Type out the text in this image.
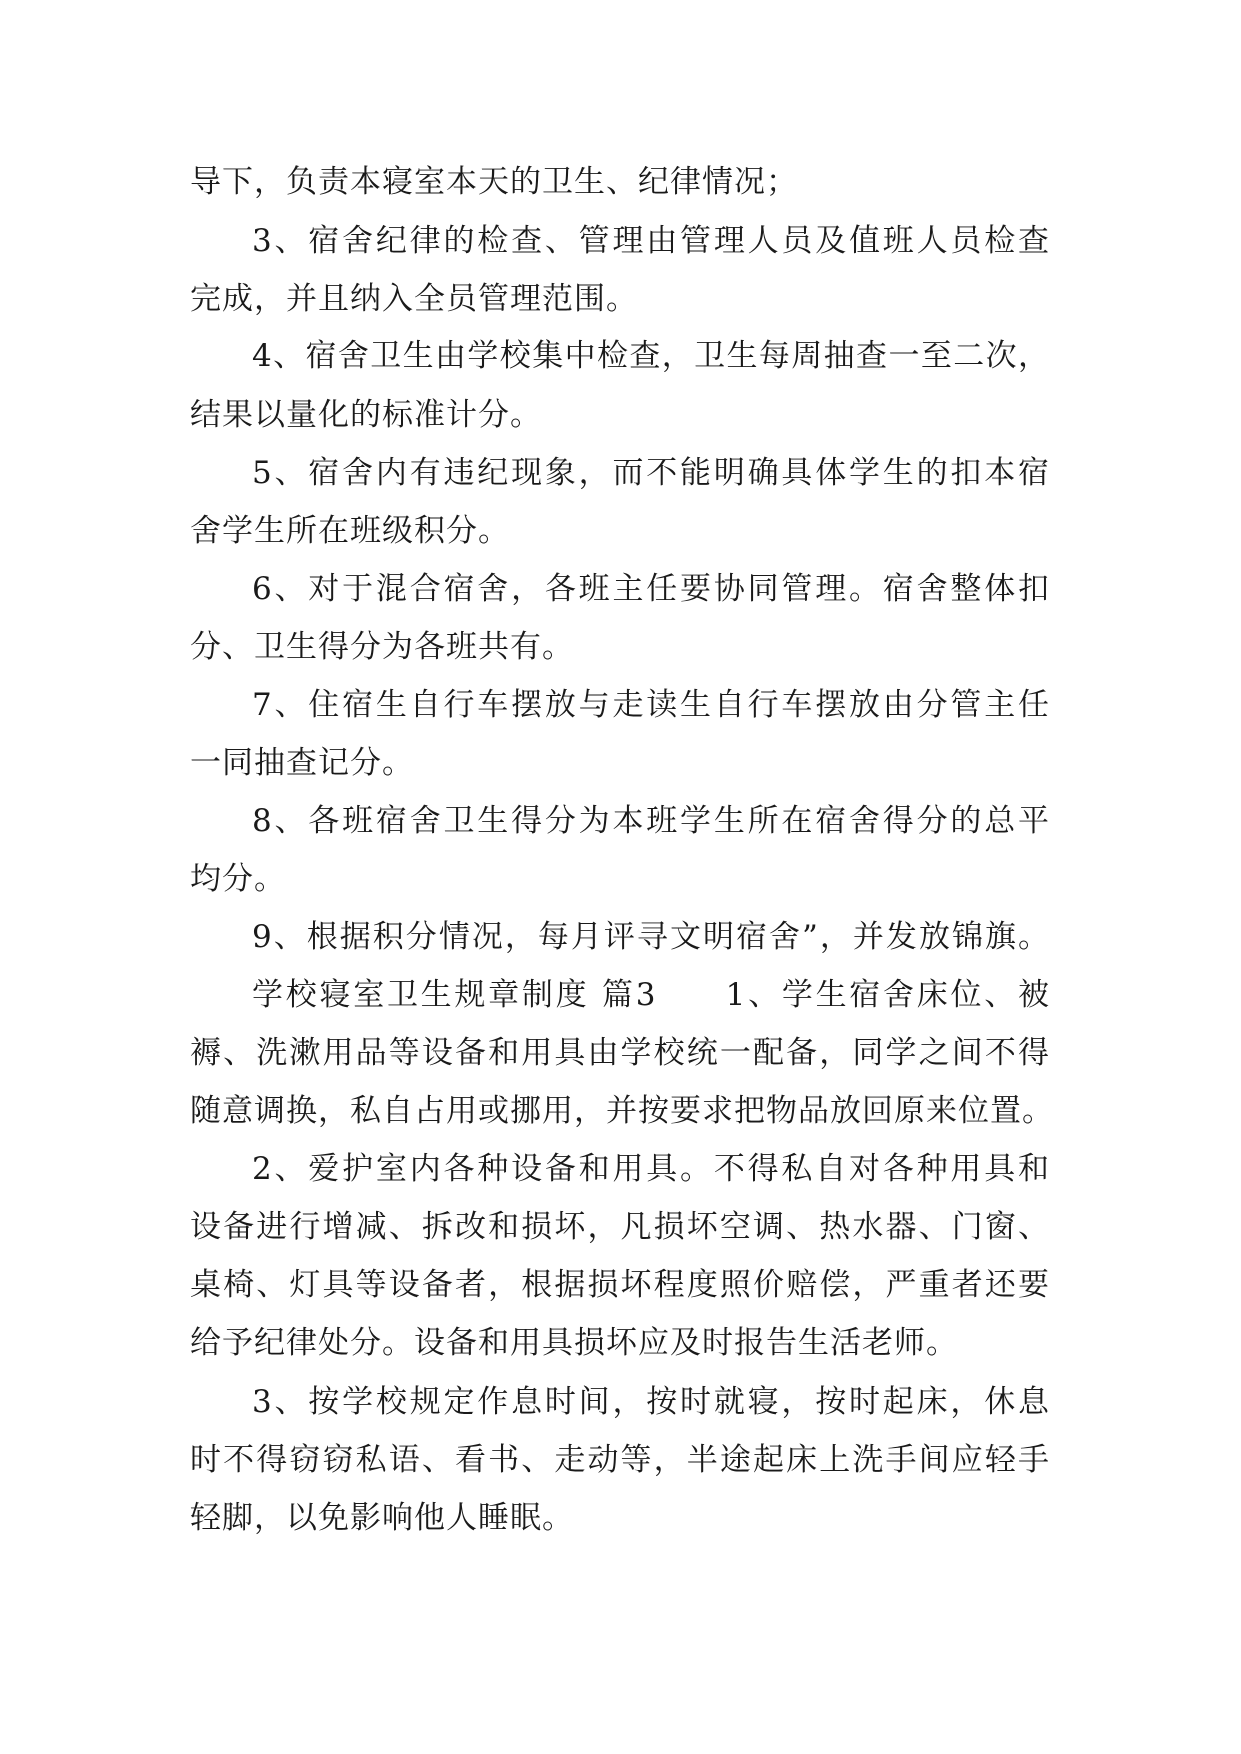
导下，负责本寝室本天的卫生、纪律情况；

3、宿舍纪律的检查、管理由管理人员及值班人员检查

完成，并且纳入全员管理范围。

4、宿舍卫生由学校集中检查，卫生每周抽查一至二次，

结果以量化的标准计分。

5、宿舍内有违纪现象，而不能明确具体学生的扣本宿

舍学生所在班级积分。

6、对于混合宿舍，各班主任要协同管理。宿舍整体扣

分、卫生得分为各班共有。

7、住宿生自行车摆放与走读生自行车摆放由分管主任

一同抽查记分。

8、各班宿舍卫生得分为本班学生所在宿舍得分的总平

均分。

9、根据积分情况，每月评寻文明宿舍”，并发放锦旗。

学校寝室卫生规章制度 篇3　　1、学生宿舍床位、被

褥、洗漱用品等设备和用具由学校统一配备，同学之间不得

随意调换，私自占用或挪用，并按要求把物品放回原来位置。

2、爱护室内各种设备和用具。不得私自对各种用具和

设备进行增减、拆改和损坏，凡损坏空调、热水器、门窗、

桌椅、灯具等设备者，根据损坏程度照价赔偿，严重者还要

给予纪律处分。设备和用具损坏应及时报告生活老师。

3、按学校规定作息时间，按时就寝，按时起床，休息

时不得窃窃私语、看书、走动等，半途起床上洗手间应轻手

轻脚，以免影响他人睡眠。
